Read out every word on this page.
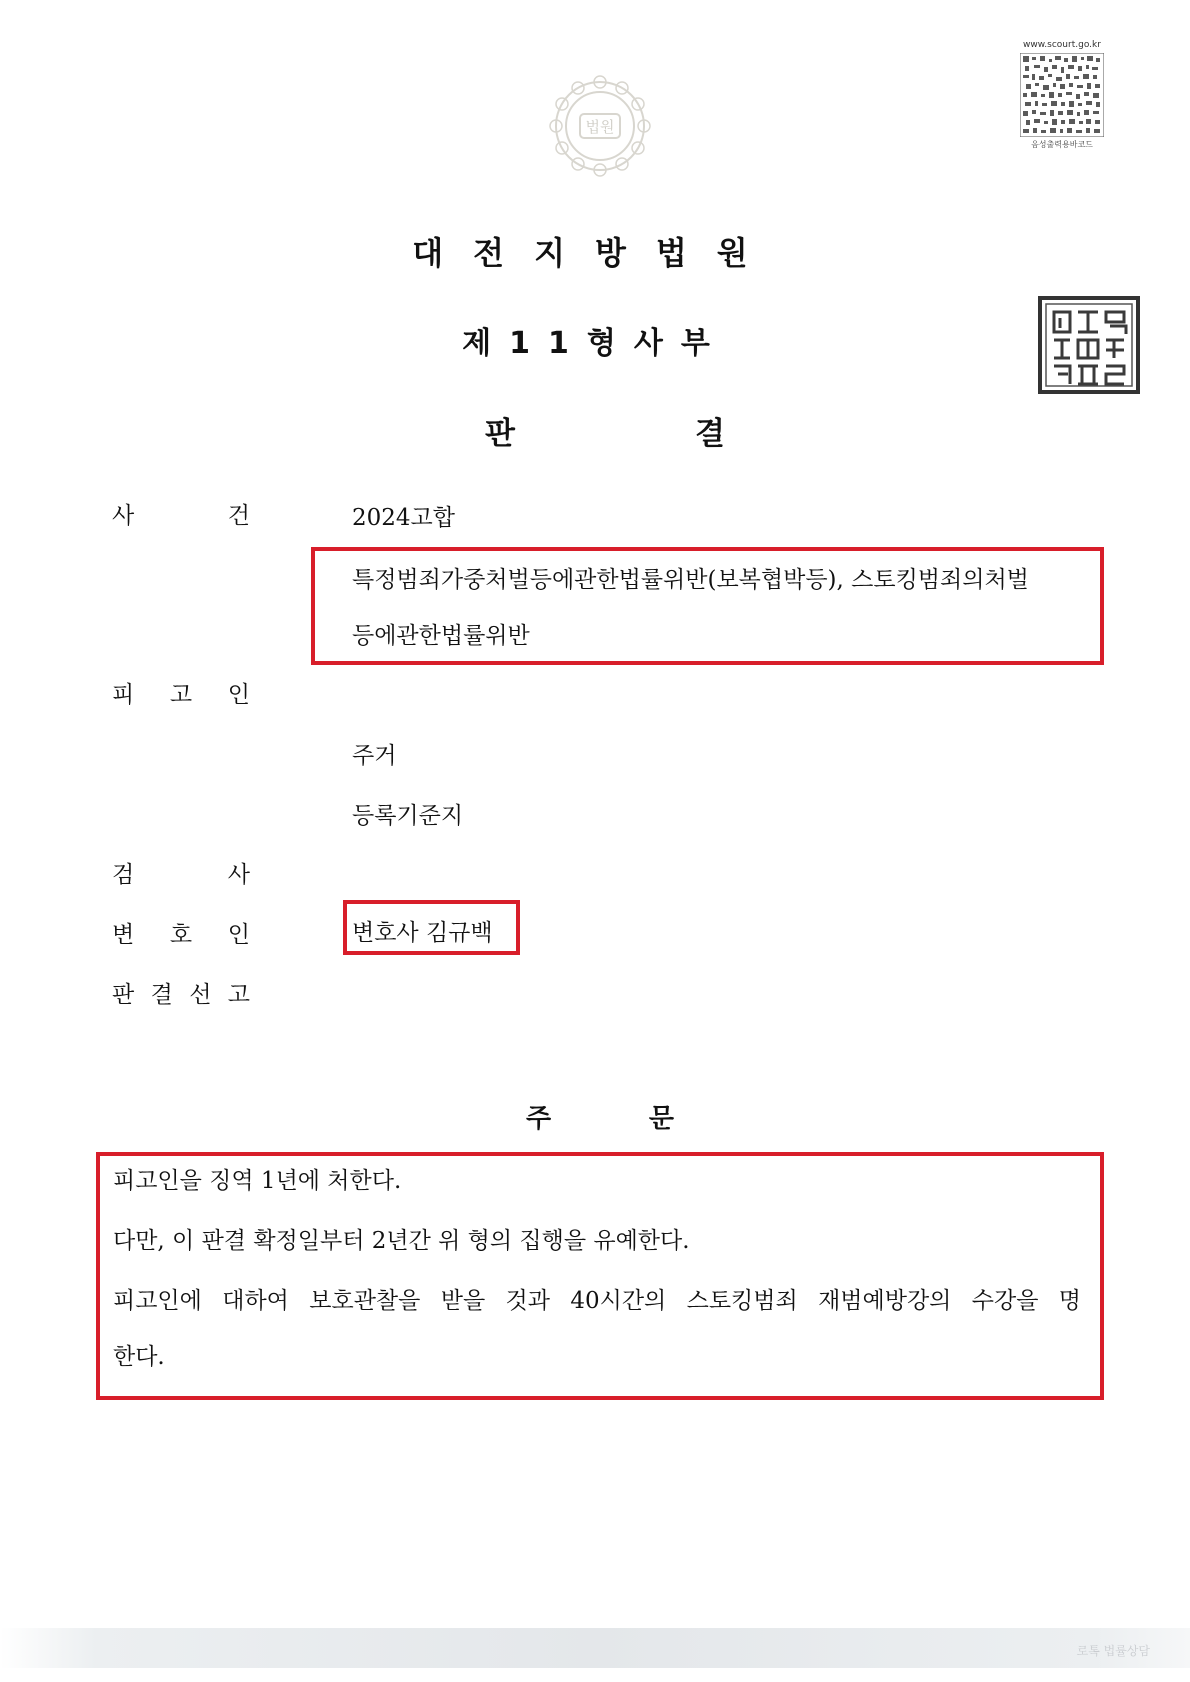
법원
www.scourt.go.kr
음성출력용바코드
대전지방법원
제11형사부
판	결
사	건	2024고합
특정범죄가중처벌등에관한법률위반(보복협박등), 스토킹범죄의처벌
등에관한법률위반
피 고 인
주거
등록기준지
검	사
변 호 인	변호사 김규백
판 결 선 고
주	문
피고인을 징역 1년에 처한다.
다만, 이 판결 확정일부터 2년간 위 형의 집행을 유예한다.
피고인에 대하여 보호관찰을 받을 것과 40시간의 스토킹범죄 재범예방강의 수강을 명
한다.
로톡 법률상담
